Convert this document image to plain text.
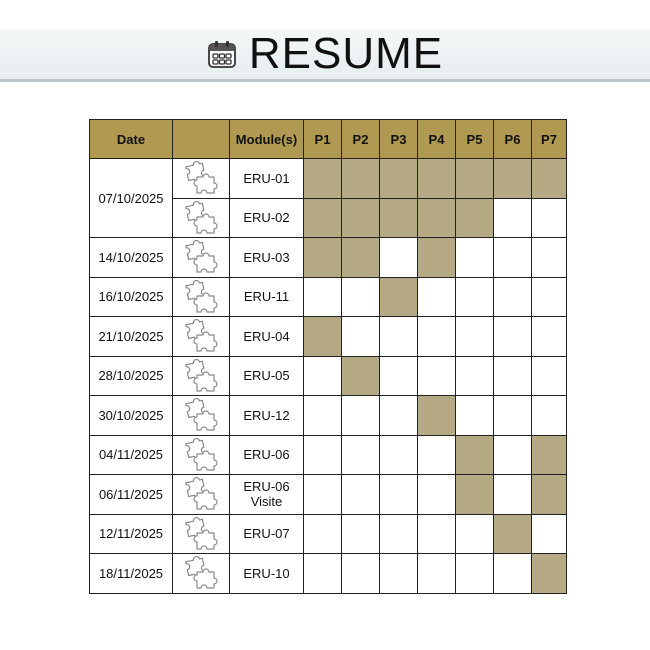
RESUME
Date		Module(s)	P1	P2	P3	P4	P5	P6	P7
07/10/2025		ERU-01							

ERU-02							

14/10/2025		ERU-03							

16/10/2025		ERU-11							

21/10/2025		ERU-04							

28/10/2025		ERU-05							

30/10/2025		ERU-12							

04/11/2025		ERU-06							

06/11/2025		ERU-06
Visite							

12/11/2025		ERU-07							

18/11/2025		ERU-10							
